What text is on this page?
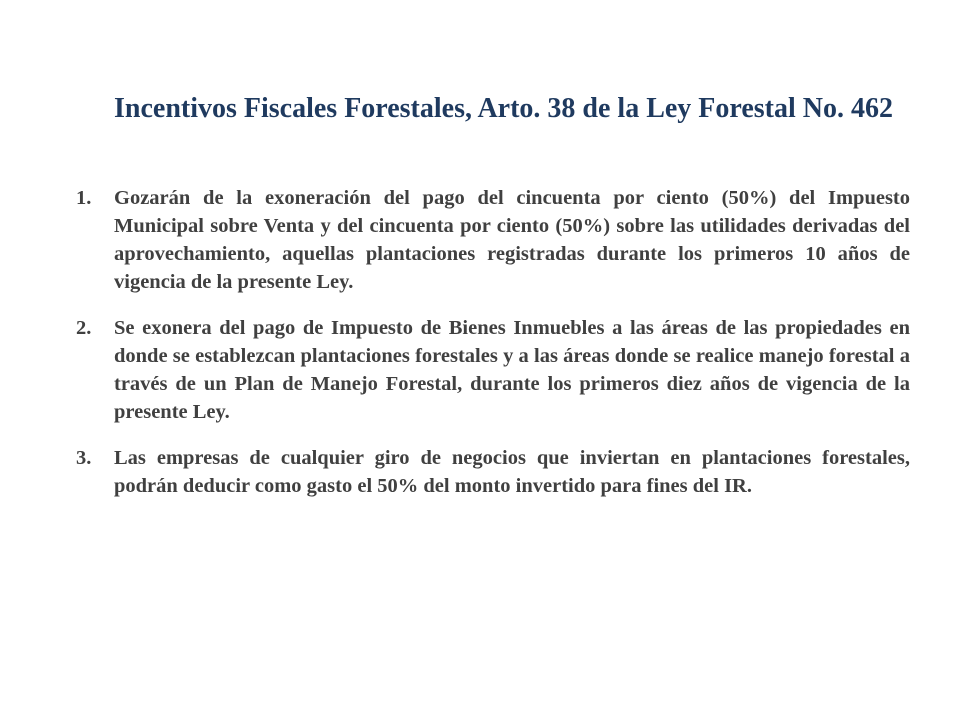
Incentivos Fiscales Forestales, Arto. 38 de la Ley Forestal No. 462
1. Gozarán de la exoneración del pago del cincuenta por ciento (50%) del Impuesto Municipal sobre Venta y del cincuenta por ciento (50%) sobre las utilidades derivadas del aprovechamiento, aquellas plantaciones registradas durante los primeros 10 años de vigencia de la presente Ley.
2. Se exonera del pago de Impuesto de Bienes Inmuebles a las áreas de las propiedades en donde se establezcan plantaciones forestales y a las áreas donde se realice manejo forestal a través de un Plan de Manejo Forestal, durante los primeros diez años de vigencia de la presente Ley.
3. Las empresas de cualquier giro de negocios que inviertan en plantaciones forestales, podrán deducir como gasto el 50% del monto invertido para fines del IR.
